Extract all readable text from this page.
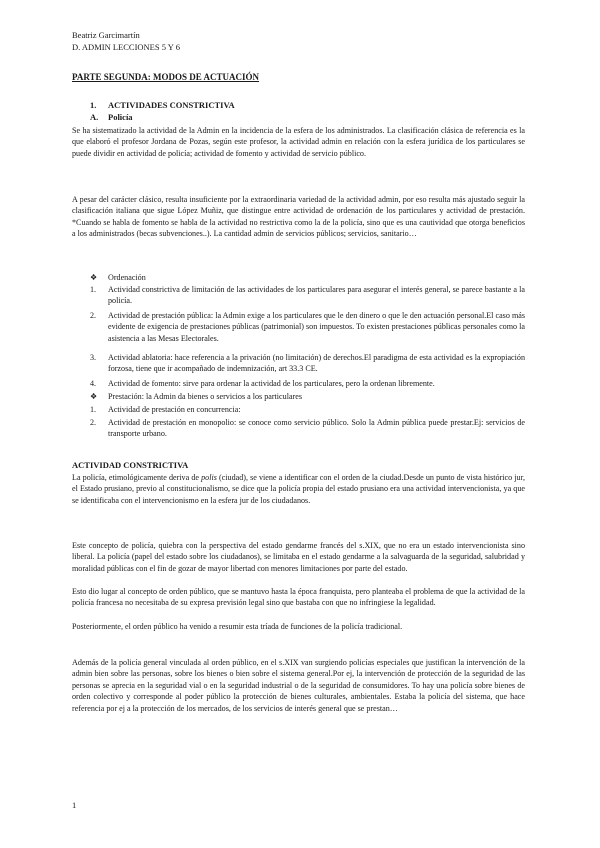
Beatriz Garcimartín
D. ADMIN LECCIONES 5 Y 6
PARTE SEGUNDA: MODOS DE ACTUACIÓN
1. ACTIVIDADES CONSTRICTIVA
A. Policía

Se ha sistematizado la actividad de la Admin en la incidencia de la esfera de los administrados. La clasificación clásica de referencia es la que elaboró el profesor Jordana de Pozas, según este profesor, la actividad admin en relación con la esfera jurídica de los particulares se puede dividir en actividad de policía; actividad de fomento y actividad de servicio público.

A pesar del carácter clásico, resulta insuficiente por la extraordinaria variedad de la actividad admin, por eso resulta más ajustado seguir la clasificación italiana que sigue López Muñiz, que distingue entre actividad de ordenación de los particulares y actividad de prestación. *Cuando se habla de fomento se habla de la actividad no restrictiva como la de la policía, sino que es una cautividad que otorga beneficios a los administrados (becas subvenciones..). La cantidad admin de servicios públicos; servicios, sanitario…

❖ Ordenación
1. Actividad constrictiva de limitación de las actividades de los particulares para asegurar el interés general, se parece bastante a la policía.
2. Actividad de prestación pública: la Admin exige a los particulares que le den dinero o que le den actuación personal.El caso más evidente de exigencia de prestaciones públicas (patrimonial) son impuestos. To existen prestaciones públicas personales como la asistencia a las Mesas Electorales.
3. Actividad ablatoria: hace referencia a la privación (no limitación) de derechos.El paradigma de esta actividad es la expropiación forzosa, tiene que ir acompañado de indemnización, art 33.3 CE.
4. Actividad de fomento: sirve para ordenar la actividad de los particulares, pero la ordenan libremente.
❖ Prestación: la Admin da bienes o servicios a los particulares
1. Actividad de prestación en concurrencia:
2. Actividad de prestación en monopolio: se conoce como servicio público. Solo la Admin pública puede prestar.Ej: servicios de transporte urbano.
ACTIVIDAD CONSTRICTIVA

La policía, etimológicamente deriva de polis (ciudad), se viene a identificar con el orden de la ciudad.Desde un punto de vista histórico jur, el Estado prusiano, previo al constitucionalismo, se dice que la policía propia del estado prusiano era una actividad intervencionista, ya que se identificaba con el intervencionismo en la esfera jur de los ciudadanos.

Este concepto de policía, quiebra con la perspectiva del estado gendarme francés del s.XIX, que no era un estado intervencionista sino liberal. La policía (papel del estado sobre los ciudadanos), se limitaba en el estado gendarme a la salvaguarda de la seguridad, salubridad y moralidad públicas con el fin de gozar de mayor libertad con menores limitaciones por parte del estado.

Esto dio lugar al concepto de orden público, que se mantuvo hasta la época franquista, pero planteaba el problema de que la actividad de la policía francesa no necesitaba de su expresa previsión legal sino que bastaba con que no infringiese la legalidad.

Posteriormente, el orden público ha venido a resumir esta tríada de funciones de la policía tradicional.

Además de la policía general vinculada al orden público, en el s.XIX van surgiendo policías especiales que justifican la intervención de la admin bien sobre las personas, sobre los bienes o bien sobre el sistema general.Por ej, la intervención de protección de la seguridad de las personas se aprecia en la seguridad vial o en la seguridad industrial o de la seguridad de consumidores. To hay una policía sobre bienes de orden colectivo y corresponde al poder público la protección de bienes culturales, ambientales. Estaba la policía del sistema, que hace referencia por ej a la protección de los mercados, de los servicios de interés general que se prestan…

1
